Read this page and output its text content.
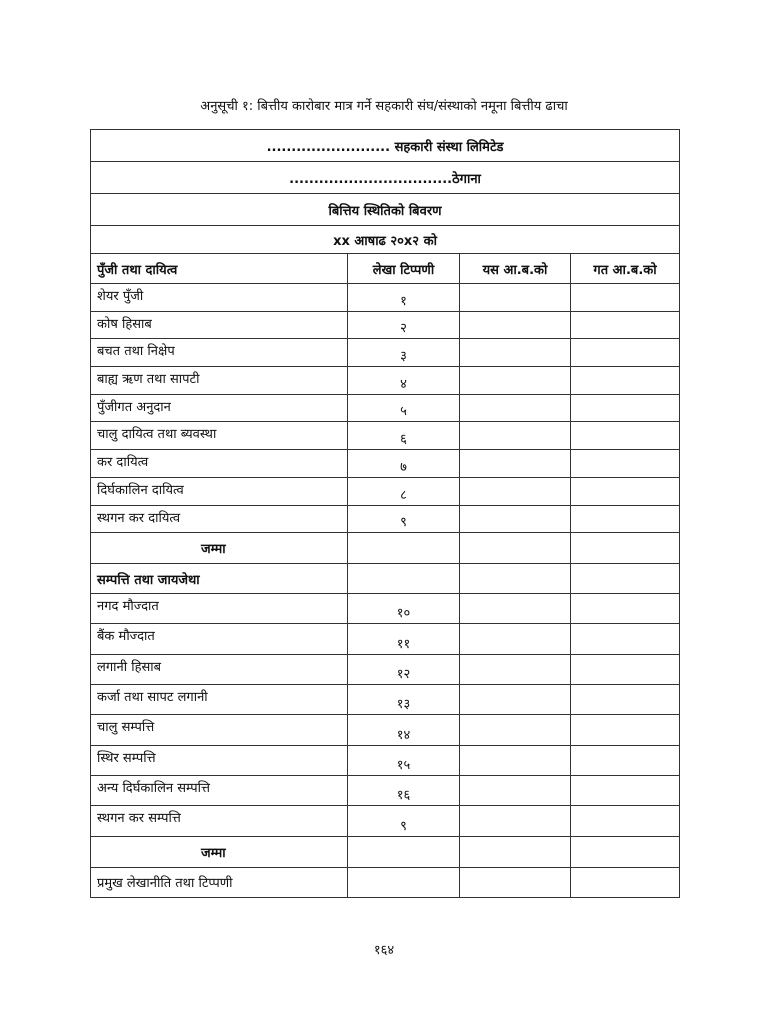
अनुसूची १: बित्तीय कारोबार मात्र गर्ने सहकारी संघ/संस्थाको नमूना बित्तीय ढाचा
......................... सहकारी संस्था लिमिटेड			
.................................ठेगाना			
बित्तिय स्थितिको बिवरण			
xx आषाढ २०x२ को			
पुँजी तथा दायित्व	लेखा टिप्पणी	यस आ.ब.को	गत आ.ब.को
शेयर पुँजी	१		
कोष हिसाब	२		
बचत तथा निक्षेप	३		
बाह्य ऋण तथा सापटी	४		
पुँजीगत अनुदान	५		
चालु दायित्व तथा ब्यवस्था	६		
कर दायित्व	७		
दिर्घकालिन दायित्व	८		
स्थगन कर दायित्व	९		
जम्मा			
सम्पत्ति तथा जायजेथा			
नगद मौज्दात	१०		
बैंक मौज्दात	११		
लगानी हिसाब	१२		
कर्जा तथा सापट लगानी	१३		
चालु सम्पत्ति	१४		
स्थिर सम्पत्ति	१५		
अन्य दिर्घकालिन सम्पत्ति	१६		
स्थगन कर सम्पत्ति	९		
जम्मा			
प्रमुख लेखानीति तथा टिप्पणी			
१६४
